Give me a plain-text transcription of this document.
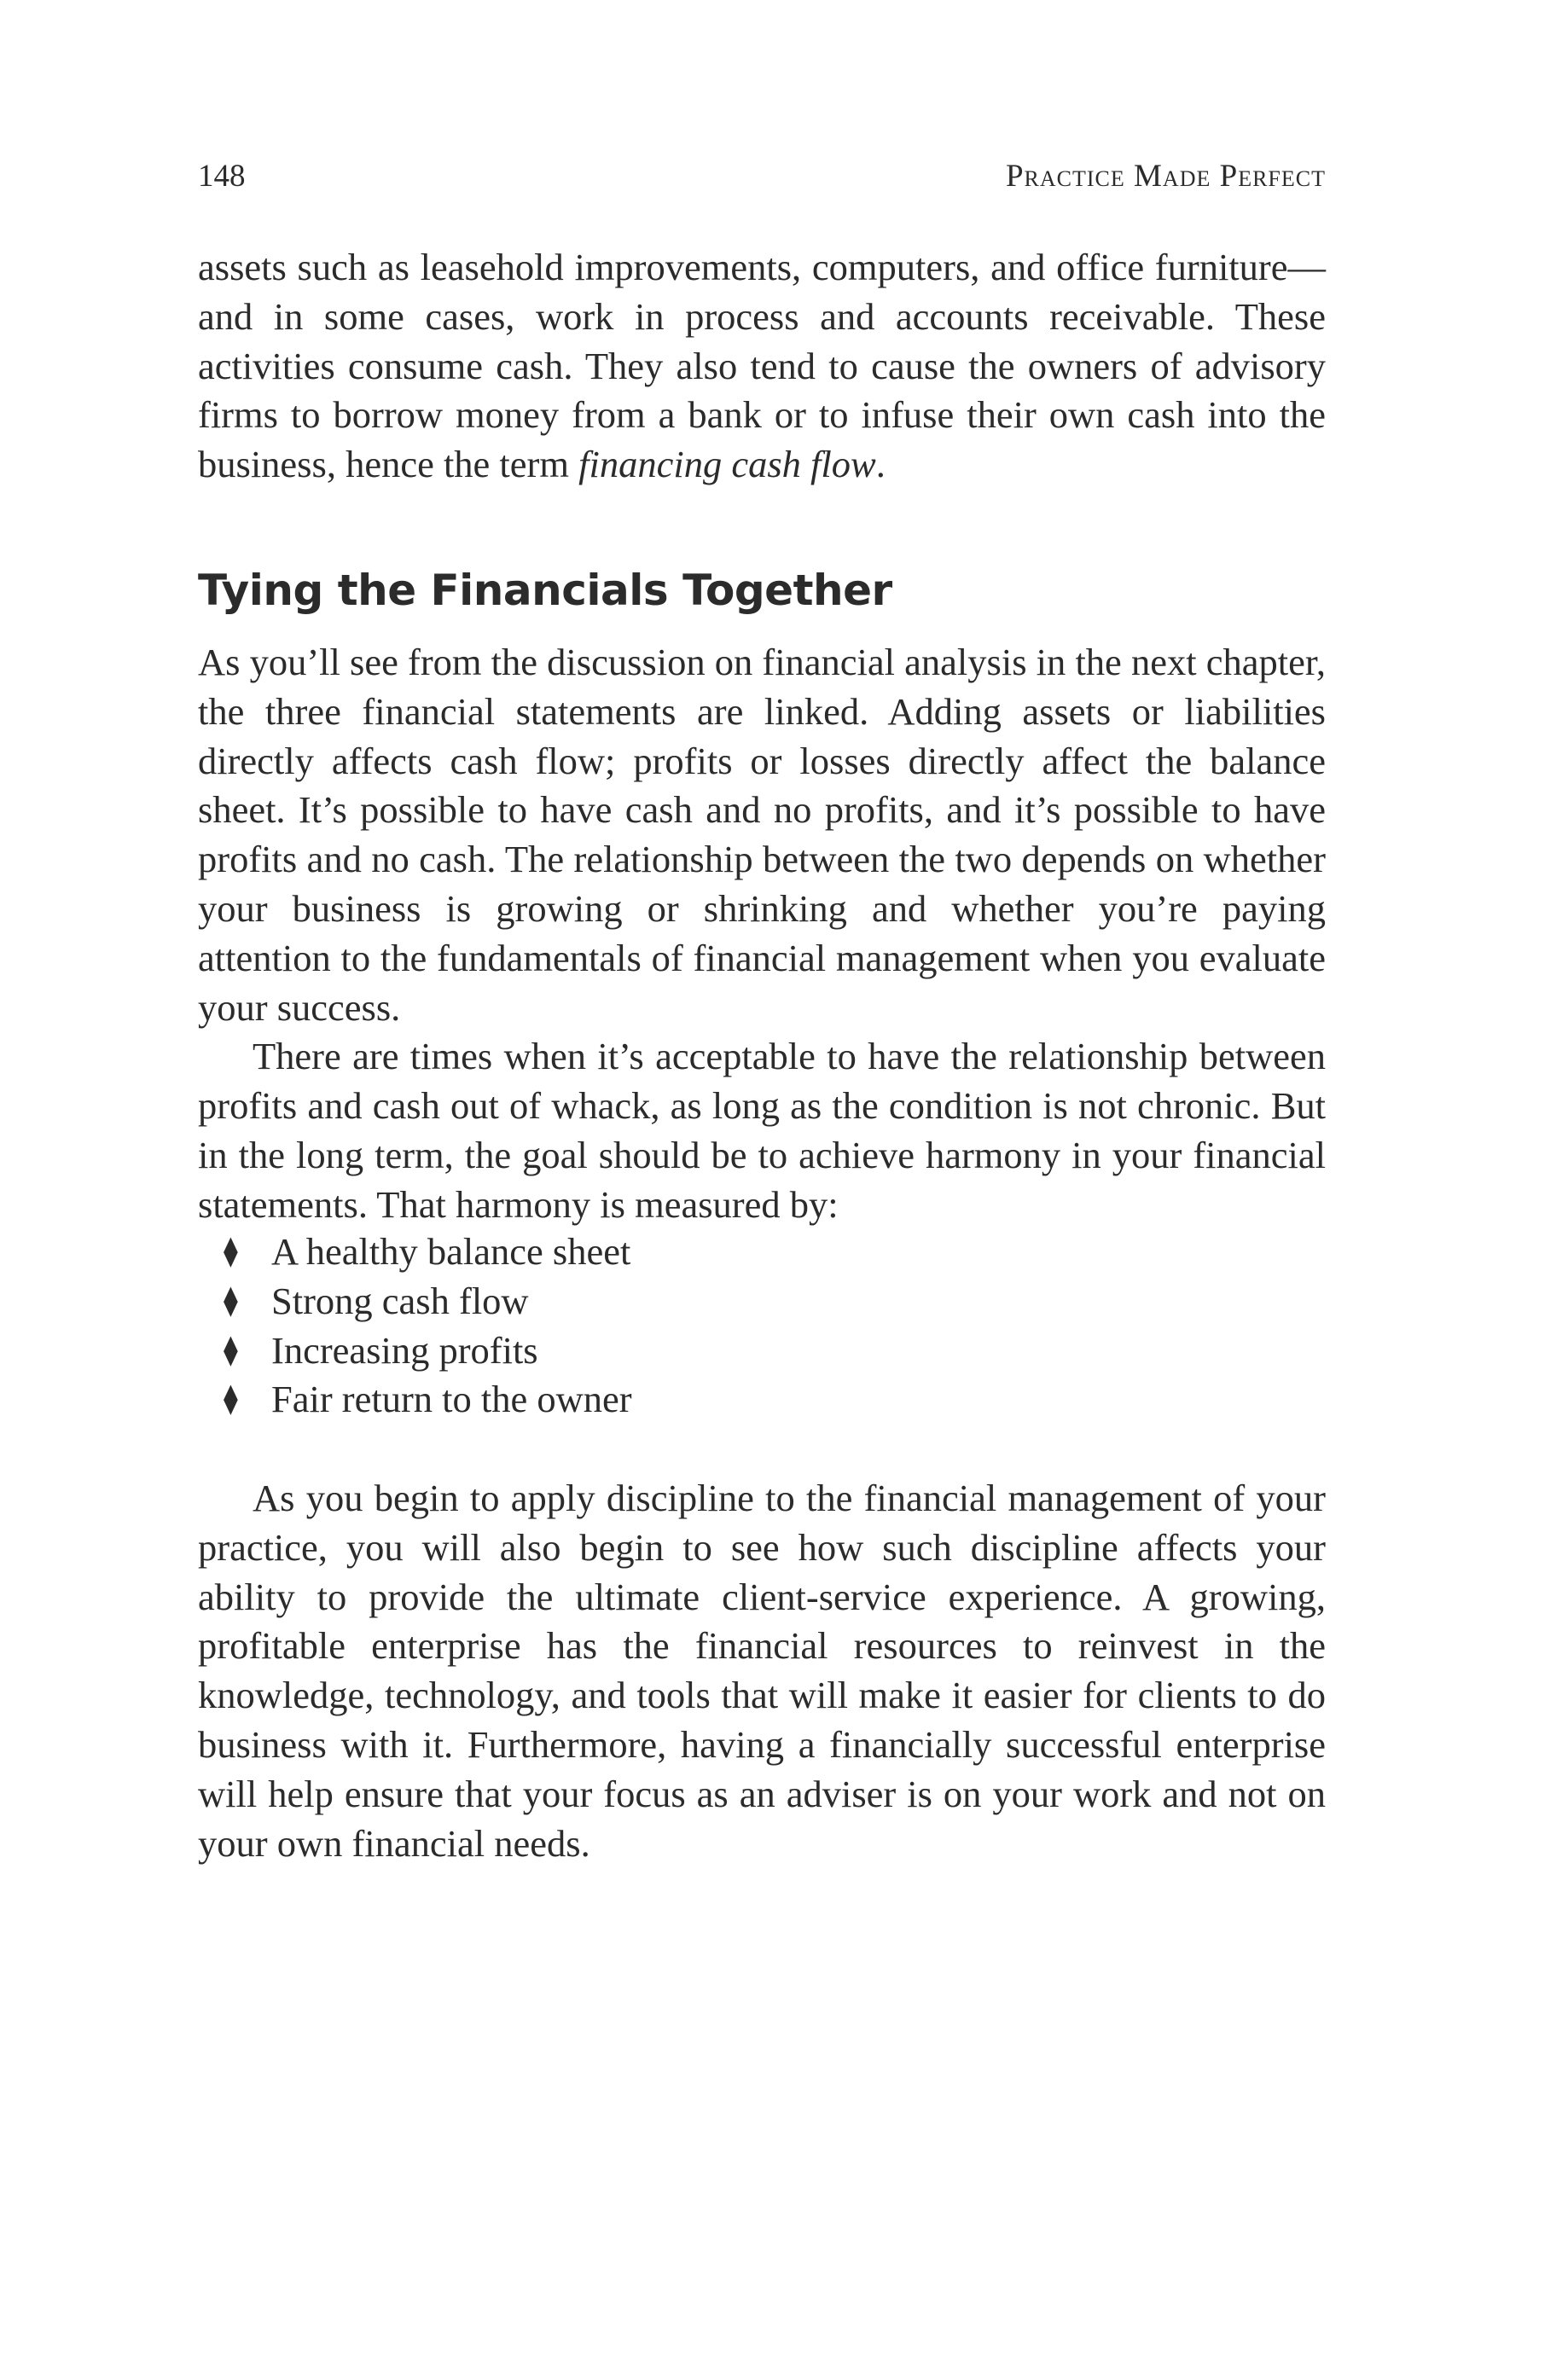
148	Practice Made Perfect

assets such as leasehold improvements, computers, and office furniture—and in some cases, work in process and accounts receivable. These activities consume cash. They also tend to cause the owners of advisory firms to borrow money from a bank or to infuse their own cash into the business, hence the term financing cash flow.

Tying the Financials Together

As you’ll see from the discussion on financial analysis in the next chapter, the three financial statements are linked. Adding assets or liabilities directly affects cash flow; profits or losses directly affect the balance sheet. It’s possible to have cash and no profits, and it’s possible to have profits and no cash. The relationship between the two depends on whether your business is growing or shrinking and whether you’re paying attention to the fundamentals of financial management when you evaluate your success.

There are times when it’s acceptable to have the relationship between profits and cash out of whack, as long as the condition is not chronic. But in the long term, the goal should be to achieve harmony in your financial statements. That harmony is measured by:

⧫ A healthy balance sheet
⧫ Strong cash flow
⧫ Increasing profits
⧫ Fair return to the owner

As you begin to apply discipline to the financial management of your practice, you will also begin to see how such discipline affects your ability to provide the ultimate client-service experience. A growing, profitable enterprise has the financial resources to reinvest in the knowledge, technology, and tools that will make it easier for clients to do business with it. Furthermore, having a financially successful enterprise will help ensure that your focus as an adviser is on your work and not on your own financial needs.
